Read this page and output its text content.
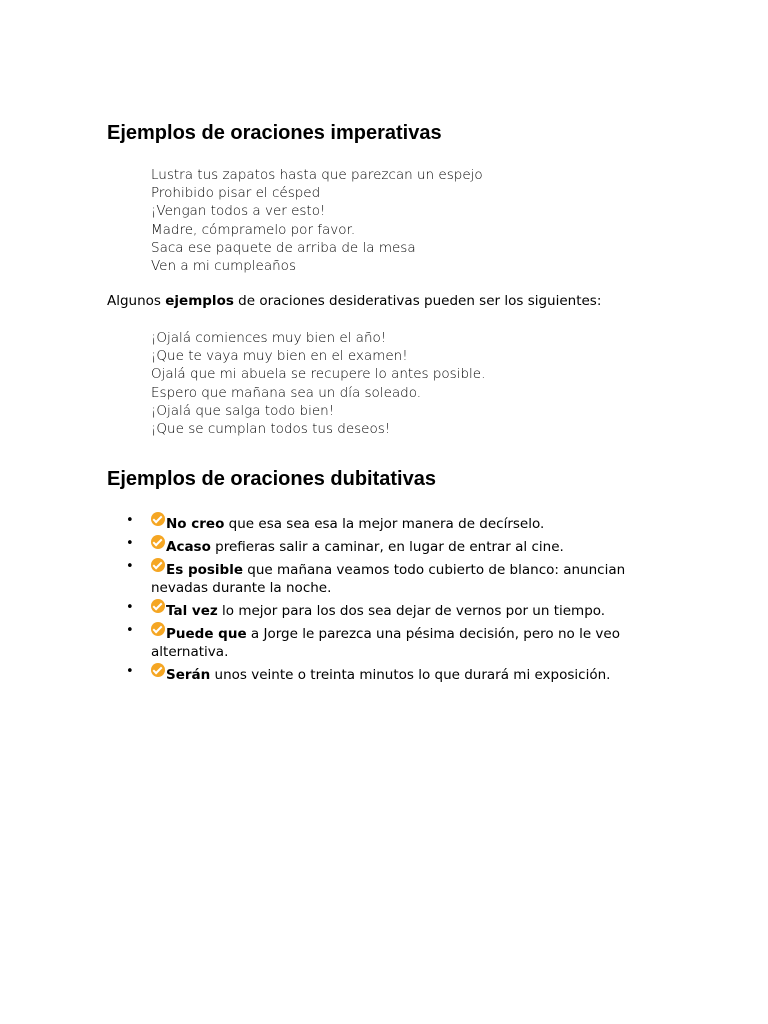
Ejemplos de oraciones imperativas
Lustra tus zapatos hasta que parezcan un espejo
Prohibido pisar el césped
¡Vengan todos a ver esto!
Madre, cómpramelo por favor.
Saca ese paquete de arriba de la mesa
Ven a mi cumpleaños

Algunos ejemplos de oraciones desiderativas pueden ser los siguientes:

¡Ojalá comiences muy bien el año!
¡Que te vaya muy bien en el examen!
Ojalá que mi abuela se recupere lo antes posible.
Espero que mañana sea un día soleado.
¡Ojalá que salga todo bien!
¡Que se cumplan todos tus deseos!
Ejemplos de oraciones dubitativas
•	No creo que esa sea esa la mejor manera de decírselo.
•	Acaso prefieras salir a caminar, en lugar de entrar al cine.
•	Es posible que mañana veamos todo cubierto de blanco: anuncian nevadas durante la noche.
•	Tal vez lo mejor para los dos sea dejar de vernos por un tiempo.
•	Puede que a Jorge le parezca una pésima decisión, pero no le veo alternativa.
•	Serán unos veinte o treinta minutos lo que durará mi exposición.
